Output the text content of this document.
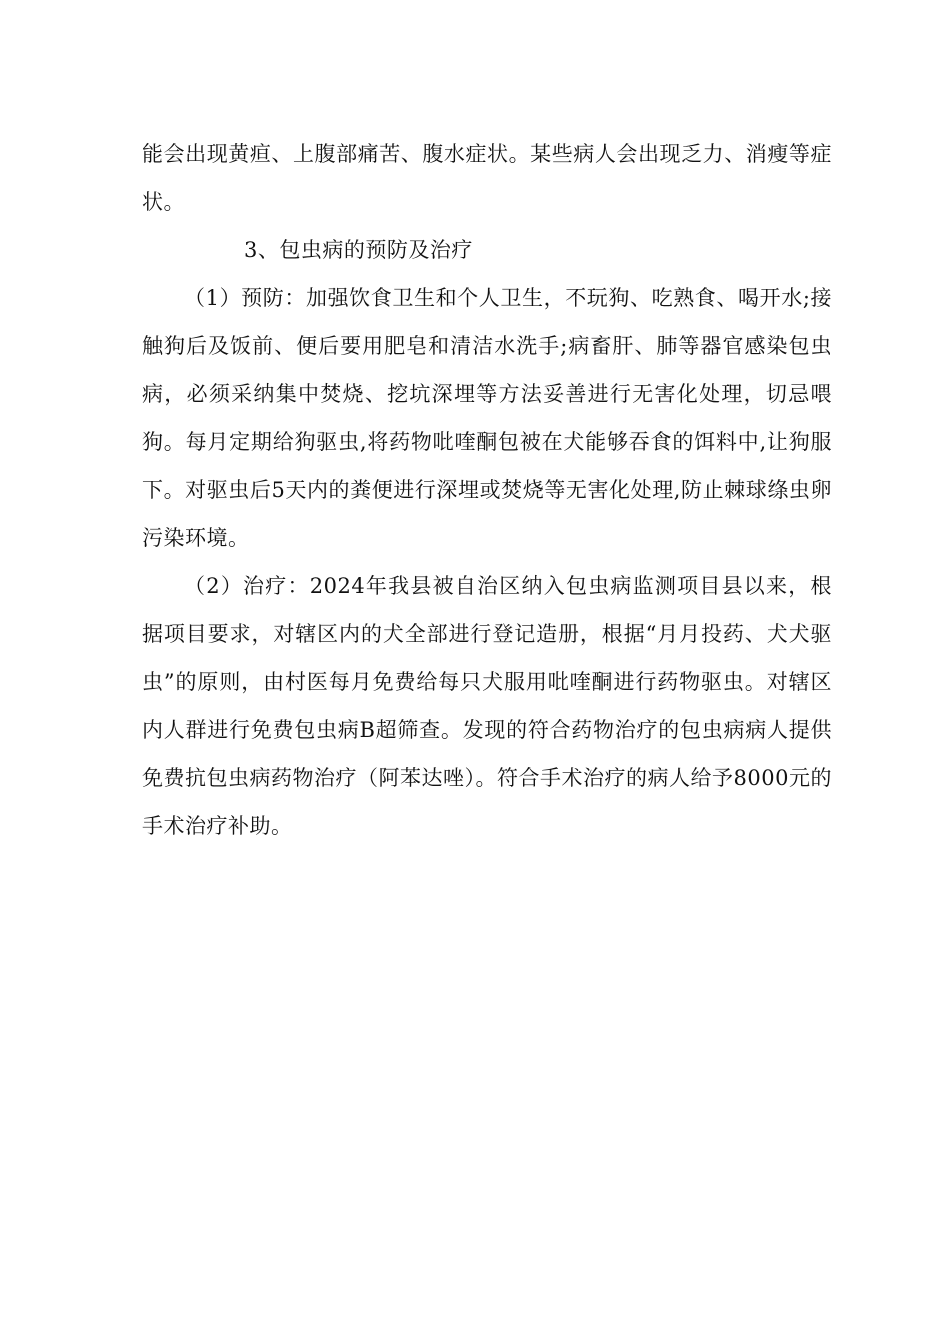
能会出现黄疸、上腹部痛苦、腹水症状。某些病人会出现乏力、消瘦等症状。

3、包虫病的预防及治疗

（1）预防：加强饮食卫生和个人卫生，不玩狗、吃熟食、喝开水;接触狗后及饭前、便后要用肥皂和清洁水洗手;病畜肝、肺等器官感染包虫病，必须采纳集中焚烧、挖坑深埋等方法妥善进行无害化处理，切忌喂狗。每月定期给狗驱虫,将药物吡喹酮包被在犬能够吞食的饵料中,让狗服下。对驱虫后5天内的粪便进行深埋或焚烧等无害化处理,防止棘球绦虫卵污染环境。

（2）治疗：2024年我县被自治区纳入包虫病监测项目县以来，根据项目要求，对辖区内的犬全部进行登记造册，根据“月月投药、犬犬驱虫”的原则，由村医每月免费给每只犬服用吡喹酮进行药物驱虫。对辖区内人群进行免费包虫病B超筛查。发现的符合药物治疗的包虫病病人提供免费抗包虫病药物治疗（阿苯达唑）。符合手术治疗的病人给予8000元的手术治疗补助。
